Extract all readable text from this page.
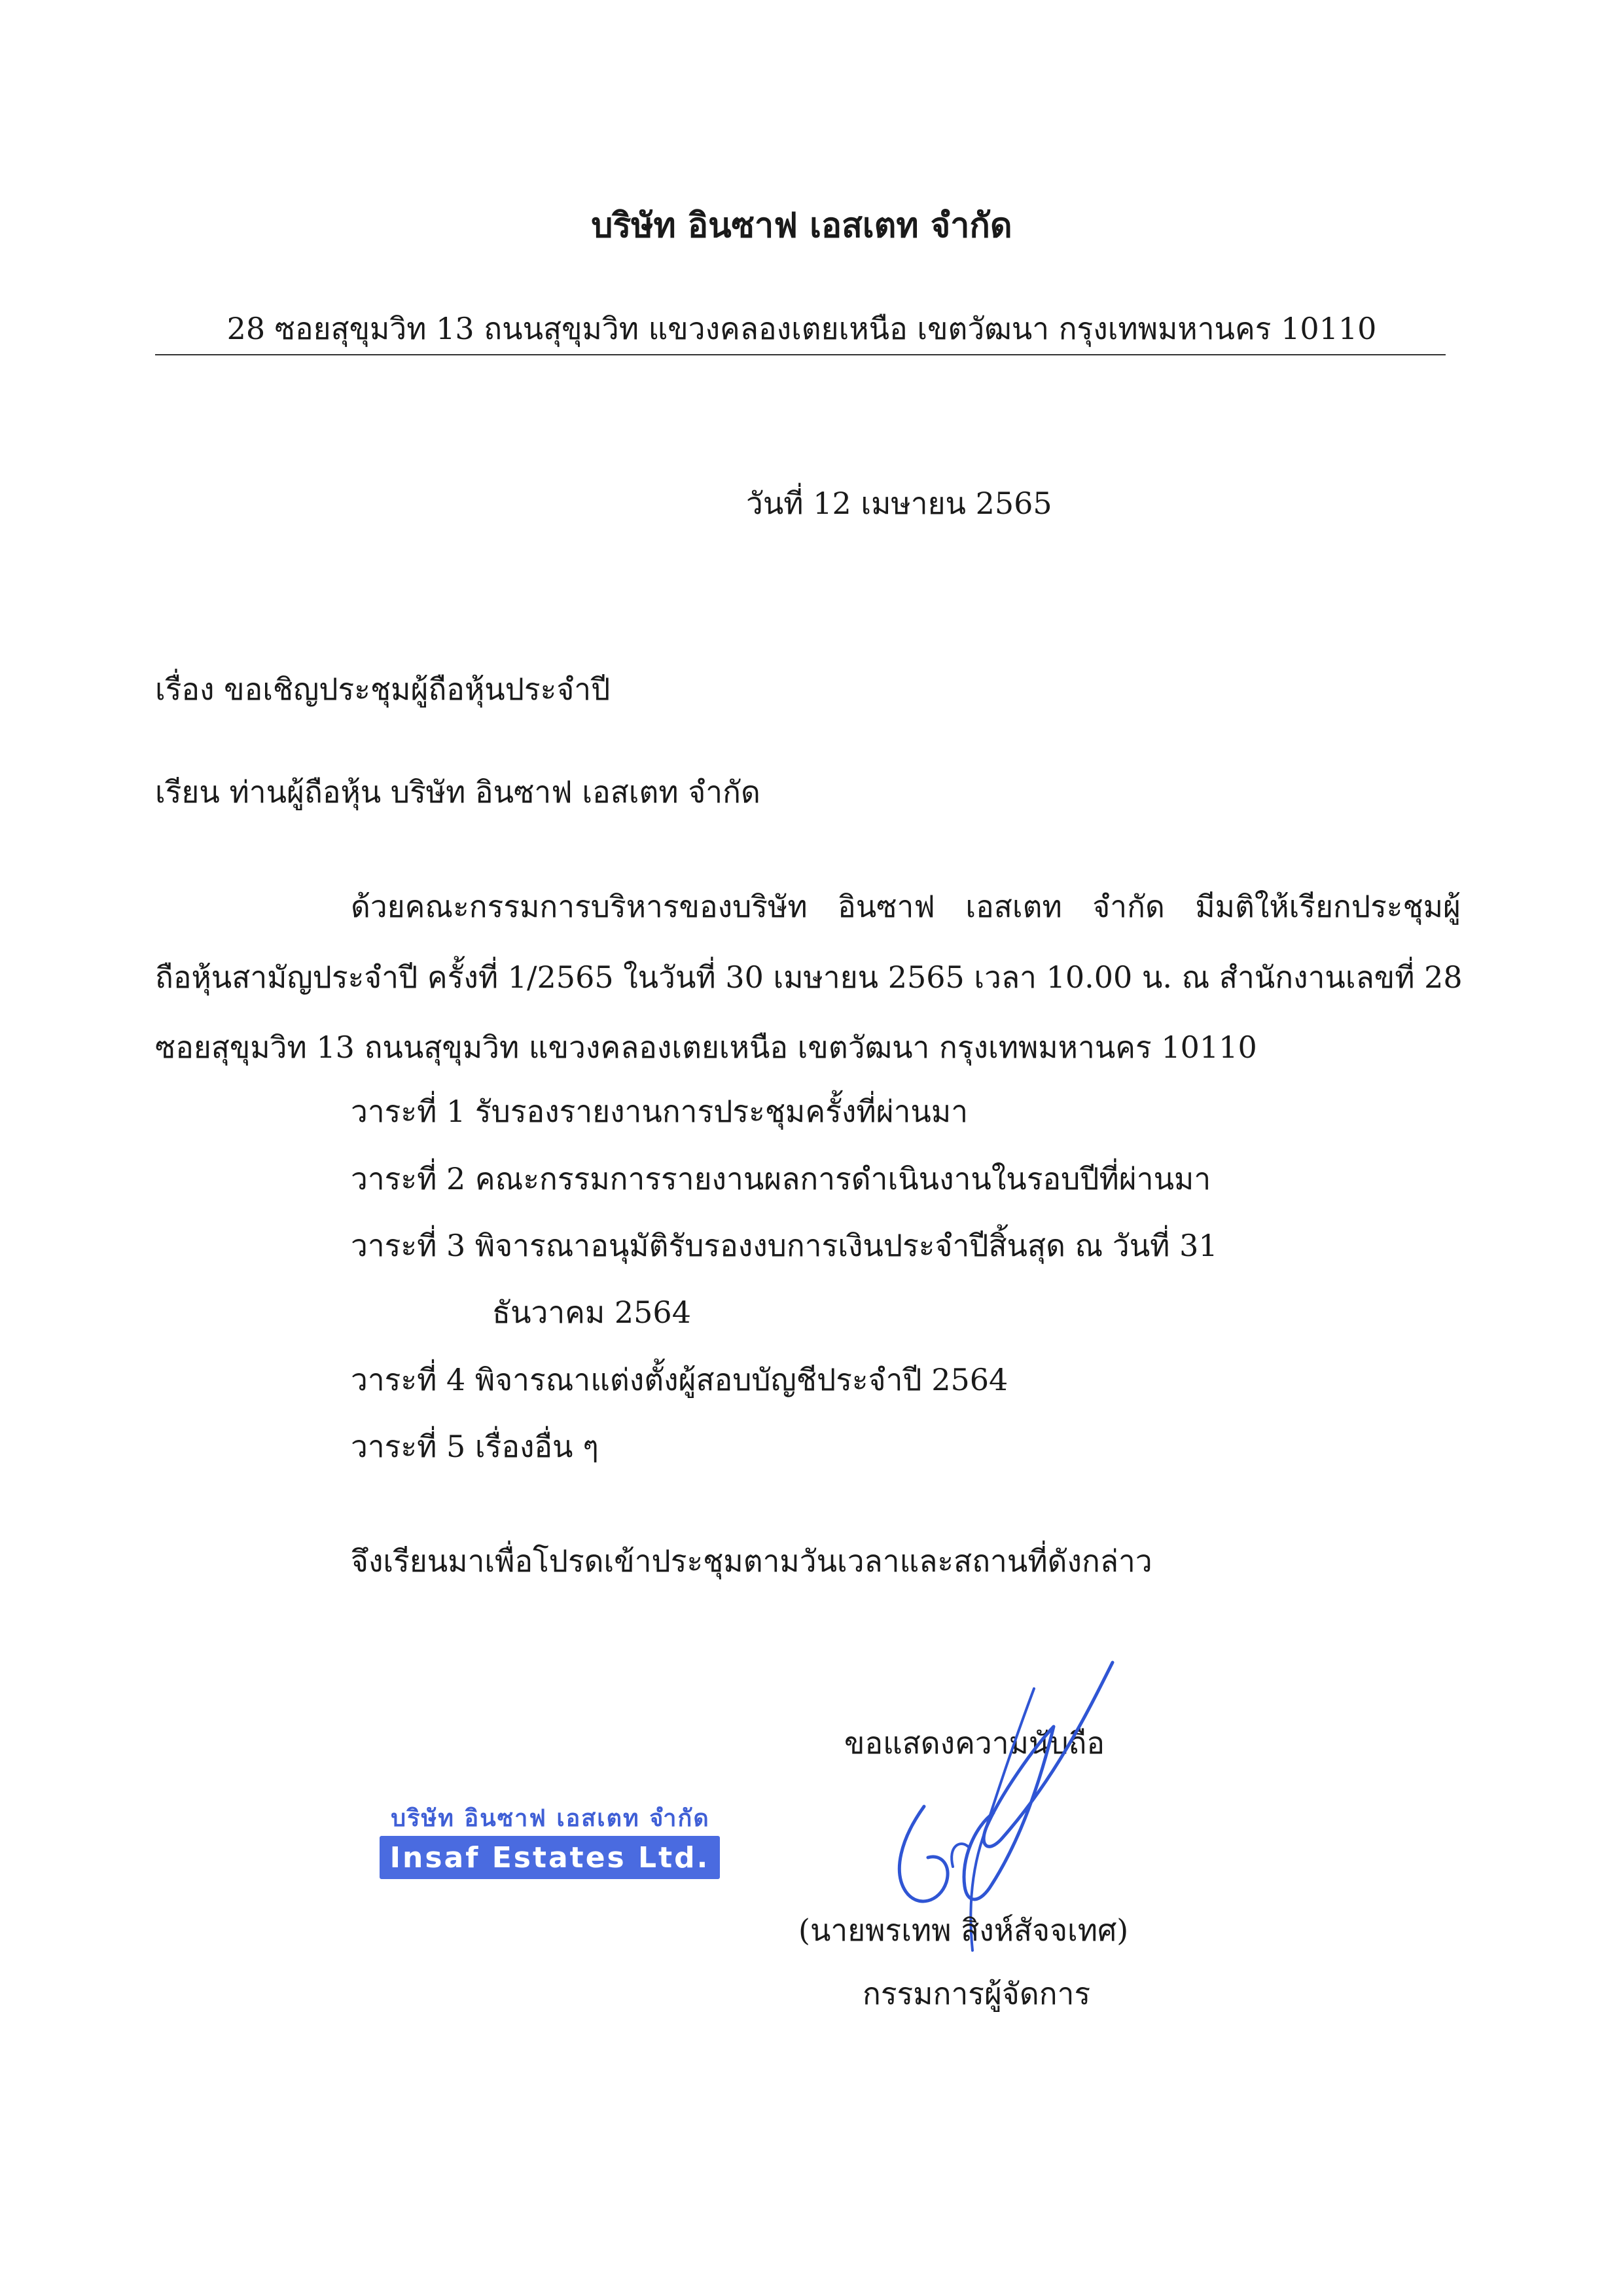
บริษัท อินซาฟ เอสเตท จำกัด
28 ซอยสุขุมวิท 13 ถนนสุขุมวิท แขวงคลองเตยเหนือ เขตวัฒนา กรุงเทพมหานคร 10110
วันที่ 12 เมษายน 2565
เรื่อง ขอเชิญประชุมผู้ถือหุ้นประจำปี
เรียน ท่านผู้ถือหุ้น บริษัท อินซาฟ เอสเตท จำกัด
ด้วยคณะกรรมการบริหารของบริษัท อินซาฟ เอสเตท จำกัด มีมติให้เรียกประชุมผู้
ถือหุ้นสามัญประจำปี ครั้งที่ 1/2565 ในวันที่ 30 เมษายน 2565 เวลา 10.00 น. ณ สำนักงานเลขที่ 28
ซอยสุขุมวิท 13 ถนนสุขุมวิท แขวงคลองเตยเหนือ เขตวัฒนา กรุงเทพมหานคร 10110
วาระที่ 1 รับรองรายงานการประชุมครั้งที่ผ่านมา
วาระที่ 2 คณะกรรมการรายงานผลการดำเนินงานในรอบปีที่ผ่านมา
วาระที่ 3 พิจารณาอนุมัติรับรองงบการเงินประจำปีสิ้นสุด ณ วันที่ 31
ธันวาคม 2564
วาระที่ 4 พิจารณาแต่งตั้งผู้สอบบัญชีประจำปี 2564
วาระที่ 5 เรื่องอื่น ๆ
จึงเรียนมาเพื่อโปรดเข้าประชุมตามวันเวลาและสถานที่ดังกล่าว
ขอแสดงความนับถือ
บริษัท อินซาฟ เอสเตท จำกัด
Insaf Estates Ltd.
(นายพรเทพ สิงห์สัจจเทศ)
กรรมการผู้จัดการ
